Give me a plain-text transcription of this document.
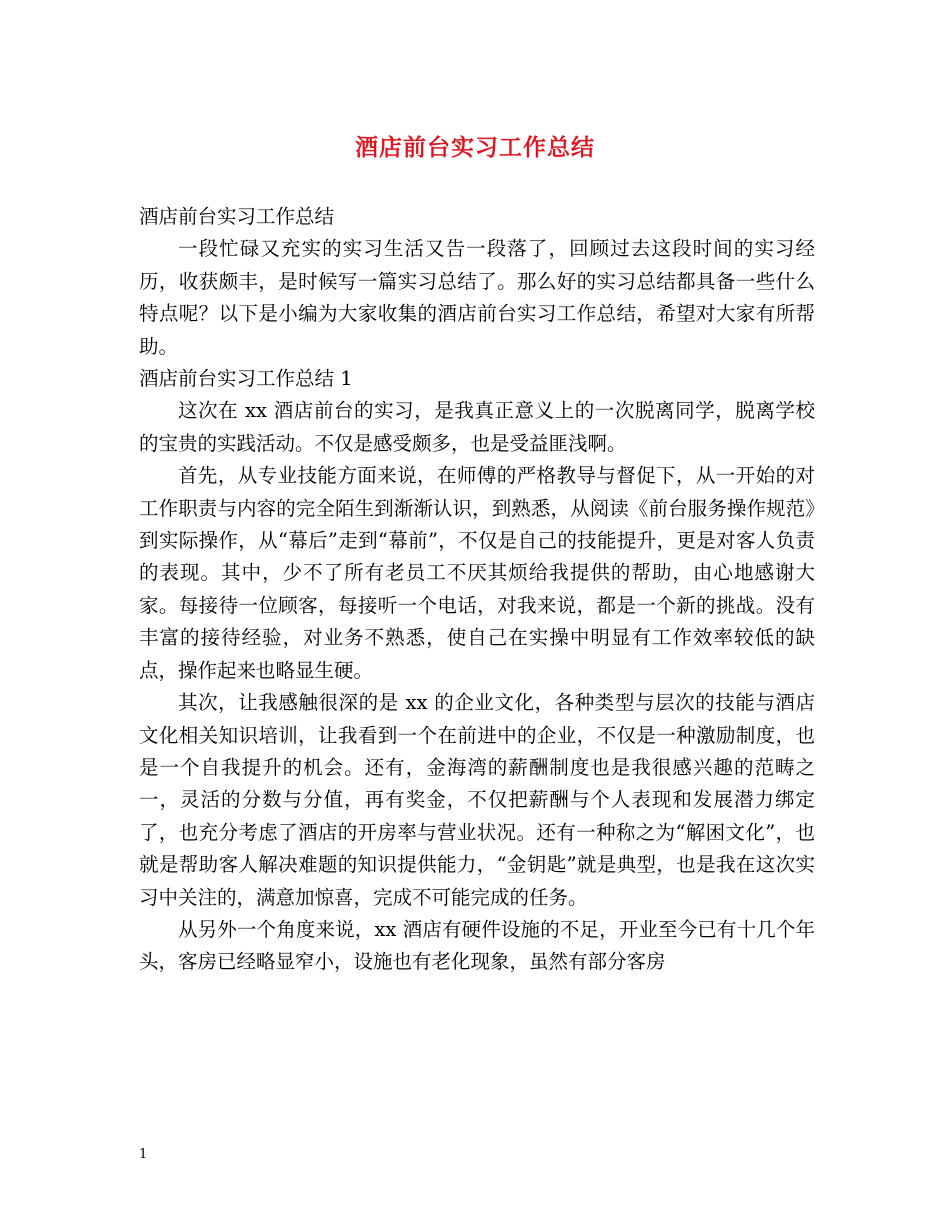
酒店前台实习工作总结

酒店前台实习工作总结

一段忙碌又充实的实习生活又告一段落了，回顾过去这段时间的实习经历，收获颇丰，是时候写一篇实习总结了。那么好的实习总结都具备一些什么特点呢？以下是小编为大家收集的酒店前台实习工作总结，希望对大家有所帮助。

酒店前台实习工作总结 1

这次在 xx 酒店前台的实习，是我真正意义上的一次脱离同学，脱离学校的宝贵的实践活动。不仅是感受颇多，也是受益匪浅啊。

首先，从专业技能方面来说，在师傅的严格教导与督促下，从一开始的对工作职责与内容的完全陌生到渐渐认识，到熟悉，从阅读《前台服务操作规范》到实际操作，从“幕后”走到“幕前”，不仅是自己的技能提升，更是对客人负责的表现。其中，少不了所有老员工不厌其烦给我提供的帮助，由心地感谢大家。每接待一位顾客，每接听一个电话，对我来说，都是一个新的挑战。没有丰富的接待经验，对业务不熟悉，使自己在实操中明显有工作效率较低的缺点，操作起来也略显生硬。

其次，让我感触很深的是 xx 的企业文化，各种类型与层次的技能与酒店文化相关知识培训，让我看到一个在前进中的企业，不仅是一种激励制度，也是一个自我提升的机会。还有，金海湾的薪酬制度也是我很感兴趣的范畴之一，灵活的分数与分值，再有奖金，不仅把薪酬与个人表现和发展潜力绑定了，也充分考虑了酒店的开房率与营业状况。还有一种称之为“解困文化”，也就是帮助客人解决难题的知识提供能力，“金钥匙”就是典型，也是我在这次实习中关注的，满意加惊喜，完成不可能完成的任务。

从另外一个角度来说，xx 酒店有硬件设施的不足，开业至今已有十几个年头，客房已经略显窄小，设施也有老化现象，虽然有部分客房

1
